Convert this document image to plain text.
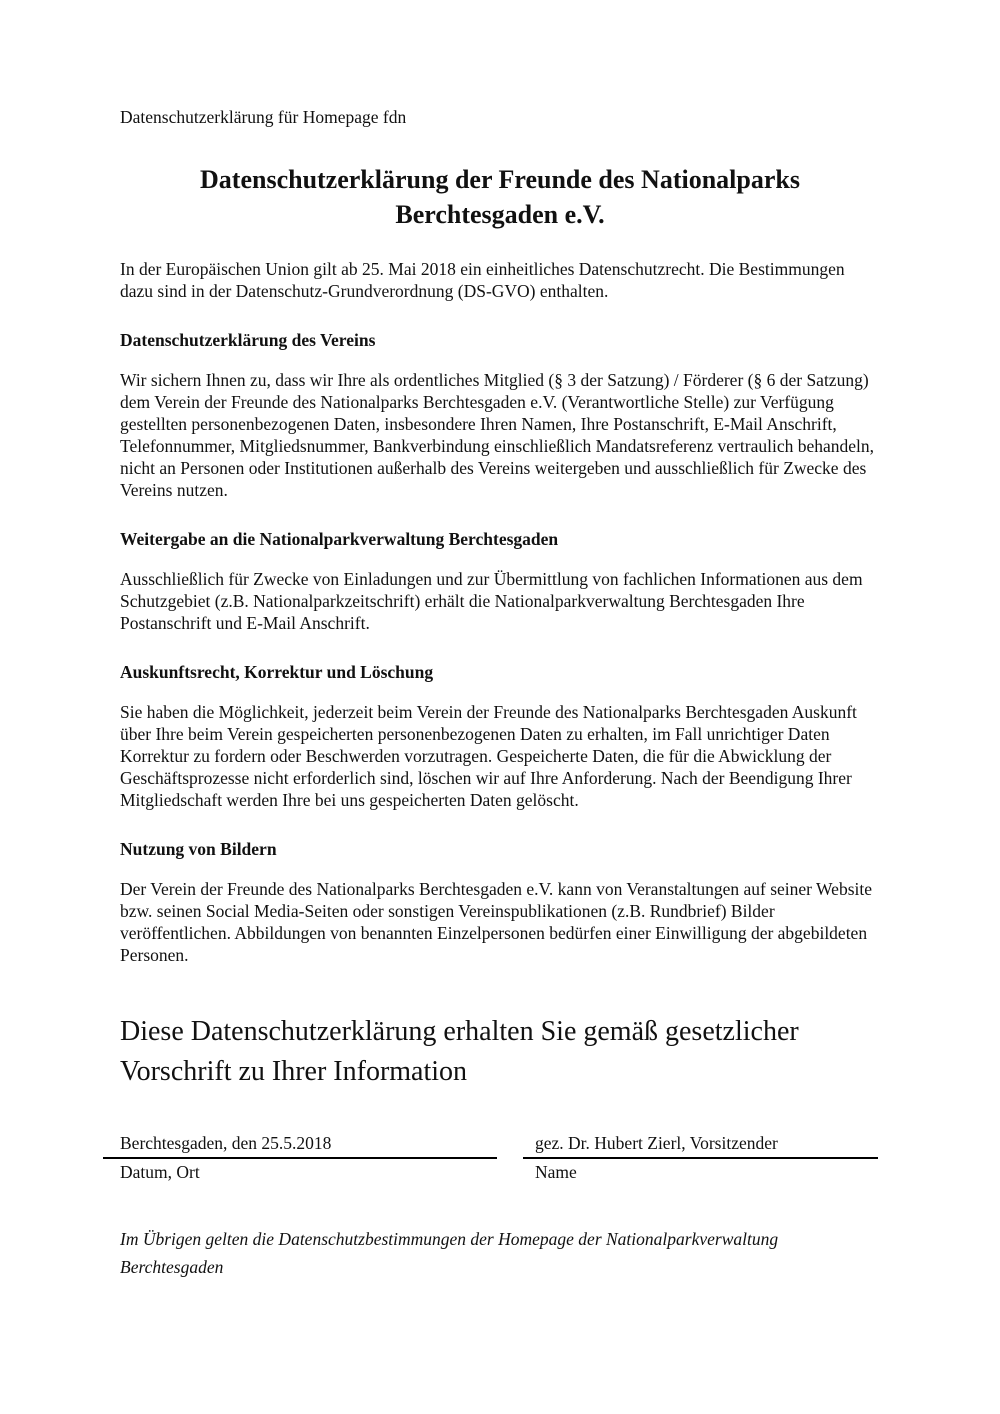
Datenschutzerklärung für Homepage fdn
Datenschutzerklärung der Freunde des Nationalparks
Berchtesgaden e.V.

In der Europäischen Union gilt ab 25. Mai 2018 ein einheitliches Datenschutzrecht. Die Bestimmungen dazu sind in der Datenschutz-Grundverordnung (DS-GVO) enthalten.

Datenschutzerklärung des Vereins

Wir sichern Ihnen zu, dass wir Ihre als ordentliches Mitglied (§ 3 der Satzung) / Förderer (§ 6 der Satzung) dem Verein der Freunde des Nationalparks Berchtesgaden e.V. (Verantwortliche Stelle) zur Verfügung gestellten personenbezogenen Daten, insbesondere Ihren Namen, Ihre Postanschrift, E-Mail Anschrift, Telefonnummer, Mitgliedsnummer, Bankverbindung einschließlich Mandatsreferenz vertraulich behandeln, nicht an Personen oder Institutionen außerhalb des Vereins weitergeben und ausschließlich für Zwecke des Vereins nutzen.

Weitergabe an die Nationalparkverwaltung Berchtesgaden

Ausschließlich für Zwecke von Einladungen und zur Übermittlung von fachlichen Informationen aus dem Schutzgebiet (z.B. Nationalparkzeitschrift) erhält die Nationalparkverwaltung Berchtesgaden Ihre Postanschrift und E-Mail Anschrift.

Auskunftsrecht, Korrektur und Löschung

Sie haben die Möglichkeit, jederzeit beim Verein der Freunde des Nationalparks Berchtesgaden Auskunft über Ihre beim Verein gespeicherten personenbezogenen Daten zu erhalten, im Fall unrichtiger Daten Korrektur zu fordern oder Beschwerden vorzutragen. Gespeicherte Daten, die für die Abwicklung der Geschäftsprozesse nicht erforderlich sind, löschen wir auf Ihre Anforderung. Nach der Beendigung Ihrer Mitgliedschaft werden Ihre bei uns gespeicherten Daten gelöscht.

Nutzung von Bildern

Der Verein der Freunde des Nationalparks Berchtesgaden e.V. kann von Veranstaltungen auf seiner Website bzw. seinen Social Media-Seiten oder sonstigen Vereinspublikationen (z.B. Rundbrief) Bilder veröffentlichen. Abbildungen von benannten Einzelpersonen bedürfen einer Einwilligung der abgebildeten Personen.

Diese Datenschutzerklärung erhalten Sie gemäß gesetzlicher Vorschrift zu Ihrer Information
Berchtesgaden, den 25.5.2018
Datum, Ort
gez. Dr. Hubert Zierl, Vorsitzender
Name
Im Übrigen gelten die Datenschutzbestimmungen der Homepage der Nationalparkverwaltung Berchtesgaden
